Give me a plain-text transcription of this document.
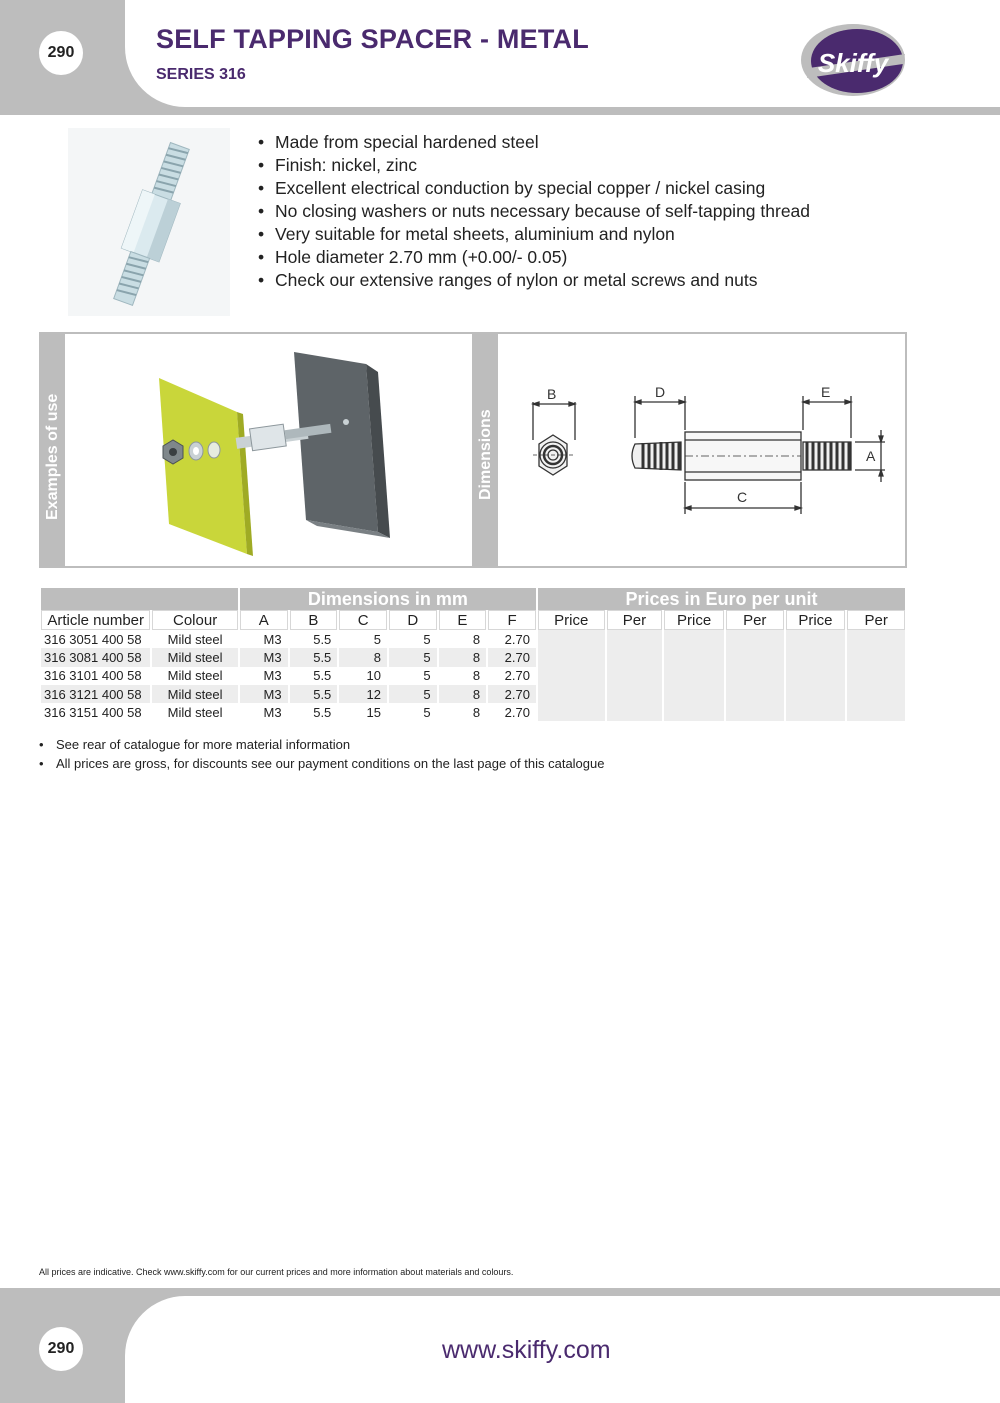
290	SELF TAPPING SPACER - METAL
SERIES 316	Skiffy
• Made from special hardened steel
• Finish: nickel, zinc
• Excellent electrical conduction by special copper / nickel casing
• No closing washers or nuts necessary because of self-tapping thread
• Very suitable for metal sheets, aluminium and nylon
• Hole diameter 2.70 mm (+0.00/- 0.05)
• Check our extensive ranges of nylon or metal screws and nuts
Examples of use	Dimensions
B	D	E
A
C
		Dimensions in mm						Prices in Euro per unit					
Article number	Colour	A	B	C	D	E	F	Price	Per	Price	Per	Price	Per
316 3051 400 58	Mild steel	M3	5.5	5	5	8	2.70						
316 3081 400 58	Mild steel	M3	5.5	8	5	8	2.70						
316 3101 400 58	Mild steel	M3	5.5	10	5	8	2.70						
316 3121 400 58	Mild steel	M3	5.5	12	5	8	2.70						
316 3151 400 58	Mild steel	M3	5.5	15	5	8	2.70						
• See rear of catalogue for more material information
• All prices are gross, for discounts see our payment conditions on the last page of this catalogue
All prices are indicative. Check www.skiffy.com for our current prices and more information about materials and colours.
290	www.skiffy.com
